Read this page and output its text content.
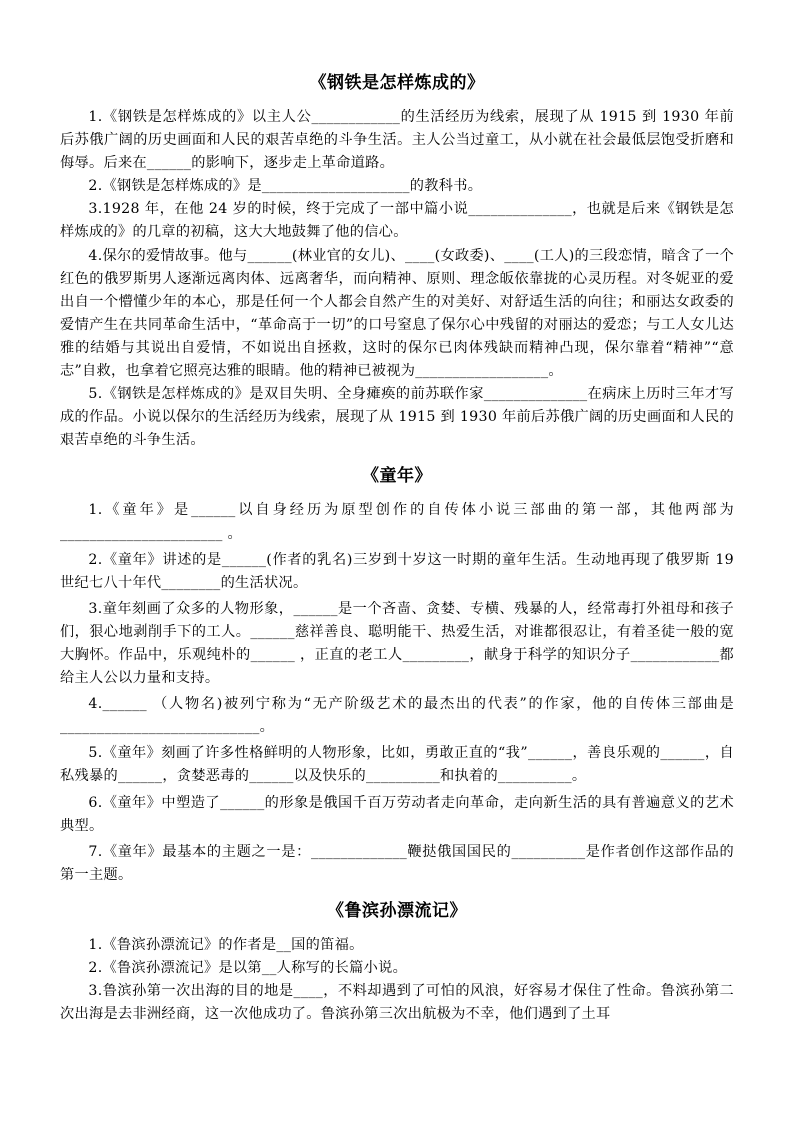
《钢铁是怎样炼成的》

1.《钢铁是怎样炼成的》以主人公____________的生活经历为线索，展现了从 1915 到 1930 年前后苏俄广阔的历史画面和人民的艰苦卓绝的斗争生活。主人公当过童工，从小就在社会最低层饱受折磨和侮辱。后来在______的影响下，逐步走上革命道路。

2.《钢铁是怎样炼成的》是____________________的教科书。

3.1928 年，在他 24 岁的时候，终于完成了一部中篇小说______________，也就是后来《钢铁是怎样炼成的》的几章的初稿，这大大地鼓舞了他的信心。

4.保尔的爱情故事。他与______(林业官的女儿)、____(女政委)、____(工人)的三段恋情，暗含了一个红色的俄罗斯男人逐渐远离肉体、远离奢华，而向精神、原则、理念皈依靠拢的心灵历程。对冬妮亚的爱出自一个懵懂少年的本心，那是任何一个人都会自然产生的对美好、对舒适生活的向往；和丽达女政委的爱情产生在共同革命生活中，“革命高于一切”的口号窒息了保尔心中残留的对丽达的爱恋；与工人女儿达雅的结婚与其说出自爱情，不如说出自拯救，这时的保尔已肉体残缺而精神凸现，保尔靠着“精神”“意志”自救，也拿着它照亮达雅的眼睛。他的精神已被视为__________________。

5.《钢铁是怎样炼成的》是双目失明、全身瘫痪的前苏联作家______________在病床上历时三年才写成的作品。小说以保尔的生活经历为线索，展现了从 1915 到 1930 年前后苏俄广阔的历史画面和人民的艰苦卓绝的斗争生活。

《童年》

1.《童年》是______以自身经历为原型创作的自传体小说三部曲的第一部，其他两部为______________________ 。

2.《童年》讲述的是______(作者的乳名)三岁到十岁这一时期的童年生活。生动地再现了俄罗斯 19 世纪七八十年代________的生活状况。

3.童年刻画了众多的人物形象，______是一个吝啬、贪婪、专横、残暴的人，经常毒打外祖母和孩子们，狠心地剥削手下的工人。______慈祥善良、聪明能干、热爱生活，对谁都很忍让，有着圣徒一般的宽大胸怀。作品中，乐观纯朴的______ ，正直的老工人_________，献身于科学的知识分子____________都给主人公以力量和支持。

4.______ （人物名)被列宁称为“无产阶级艺术的最杰出的代表”的作家，他的自传体三部曲是___________________________。

5.《童年》刻画了许多性格鲜明的人物形象，比如，勇敢正直的“我”______，善良乐观的______，自私残暴的______，贪婪恶毒的______以及快乐的__________和执着的__________。

6.《童年》中塑造了______的形象是俄国千百万劳动者走向革命，走向新生活的具有普遍意义的艺术典型。

7.《童年》最基本的主题之一是：_____________鞭挞俄国国民的__________是作者创作这部作品的第一主题。

《鲁滨孙漂流记》

1.《鲁滨孙漂流记》的作者是__国的笛福。

2.《鲁滨孙漂流记》是以第__人称写的长篇小说。

3.鲁滨孙第一次出海的目的地是____，不料却遇到了可怕的风浪，好容易才保住了性命。鲁滨孙第二次出海是去非洲经商，这一次他成功了。鲁滨孙第三次出航极为不幸，他们遇到了土耳
